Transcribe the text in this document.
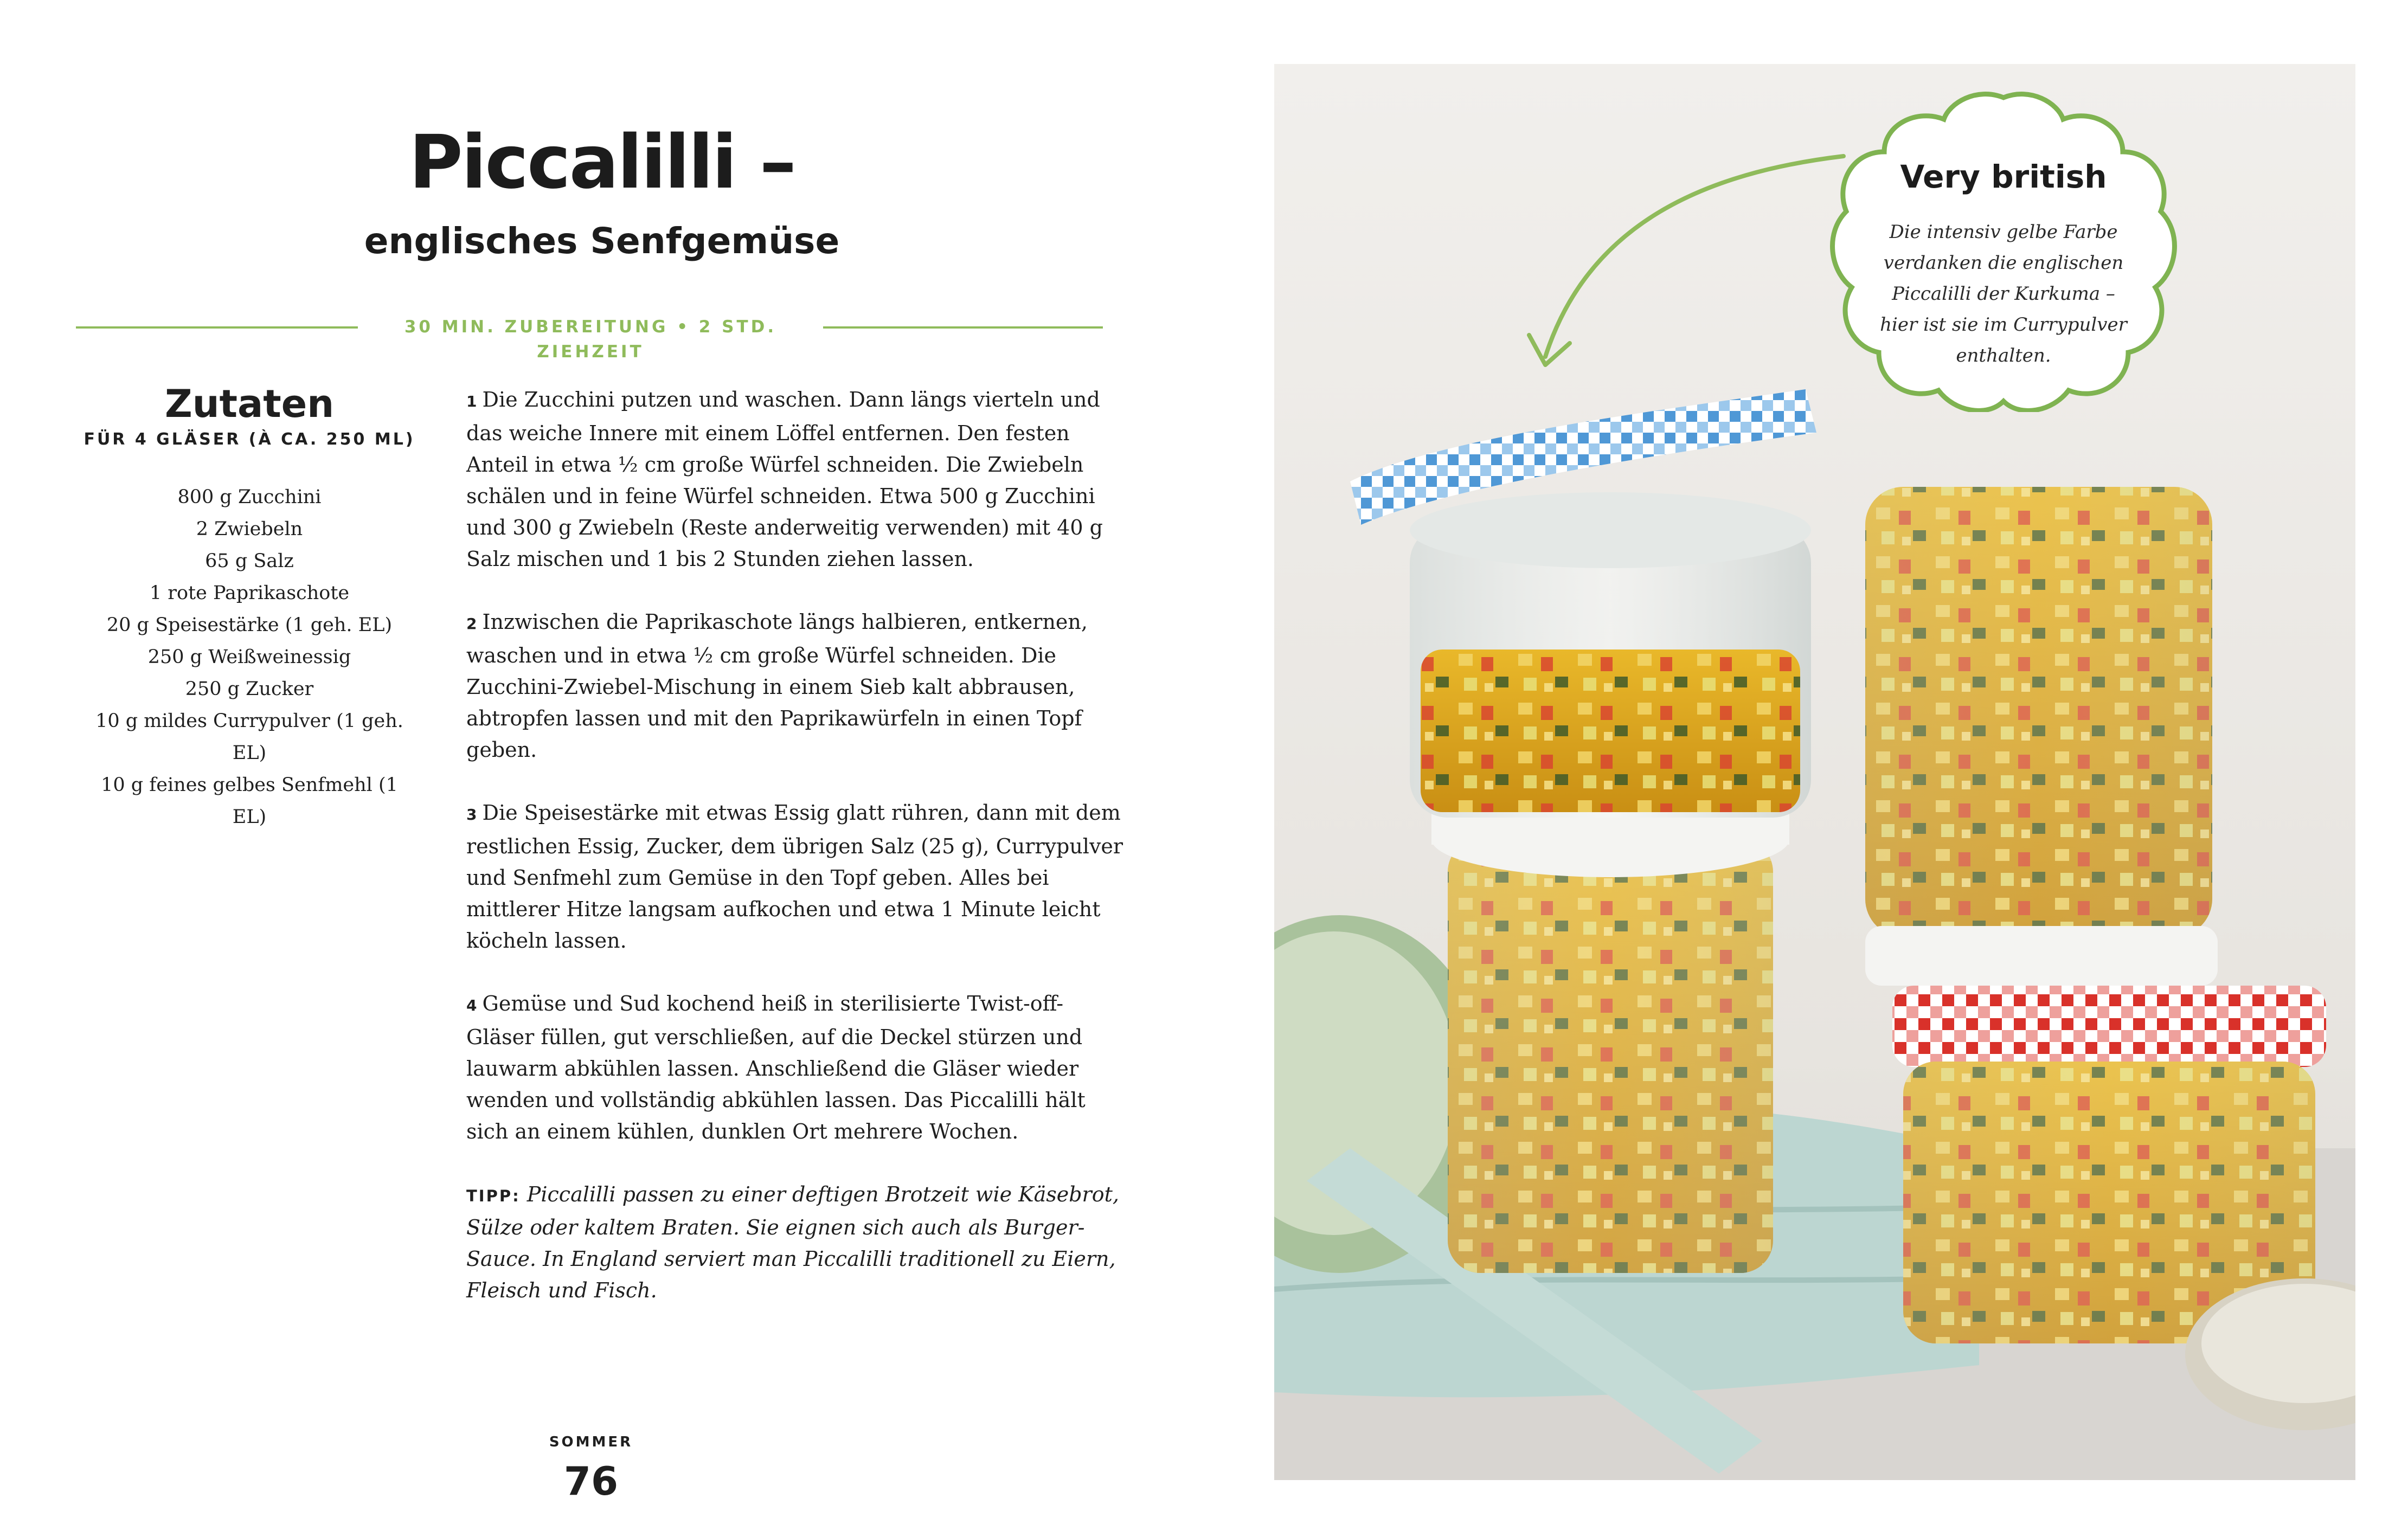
Piccalilli –
englisches Senfgemüse
30 MIN. ZUBEREITUNG • 2 STD. ZIEHZEIT
Zutaten
FÜR 4 GLÄSER (À CA. 250 ML)
800 g Zucchini
2 Zwiebeln
65 g Salz
1 rote Paprikaschote
20 g Speisestärke (1 geh. EL)
250 g Weißweinessig
250 g Zucker
10 g mildes Currypulver (1 geh. EL)
10 g feines gelbes Senfmehl (1 EL)

1 Die Zucchini putzen und waschen. Dann längs vierteln und das weiche Innere mit einem Löffel entfernen. Den festen Anteil in etwa ½ cm große Würfel schneiden. Die Zwiebeln schälen und in feine Würfel schneiden. Etwa 500 g Zucchini und 300 g Zwiebeln (Reste anderweitig verwenden) mit 40 g Salz mischen und 1 bis 2 Stunden ziehen lassen.

2 Inzwischen die Paprikaschote längs halbieren, entkernen, waschen und in etwa ½ cm große Würfel schneiden. Die Zucchini-Zwiebel-Mischung in einem Sieb kalt abbrausen, abtropfen lassen und mit den Paprikawürfeln in einen Topf geben.

3 Die Speisestärke mit etwas Essig glatt rühren, dann mit dem restlichen Essig, Zucker, dem übrigen Salz (25 g), Currypulver und Senfmehl zum Gemüse in den Topf geben. Alles bei mittlerer Hitze langsam aufkochen und etwa 1 Minute leicht köcheln lassen.

4 Gemüse und Sud kochend heiß in sterilisierte Twist-off-Gläser füllen, gut verschließen, auf die Deckel stürzen und lauwarm abkühlen lassen. Anschließend die Gläser wieder wenden und vollständig abkühlen lassen. Das Piccalilli hält sich an einem kühlen, dunklen Ort mehrere Wochen.

TIPP: Piccalilli passen zu einer deftigen Brotzeit wie Käsebrot, Sülze oder kaltem Braten. Sie eignen sich auch als Burger-Sauce. In England serviert man Piccalilli traditionell zu Eiern, Fleisch und Fisch.

SOMMER
76
Very british
Die intensiv gelbe Farbe verdanken die englischen Piccalilli der Kurkuma – hier ist sie im Currypulver enthalten.
